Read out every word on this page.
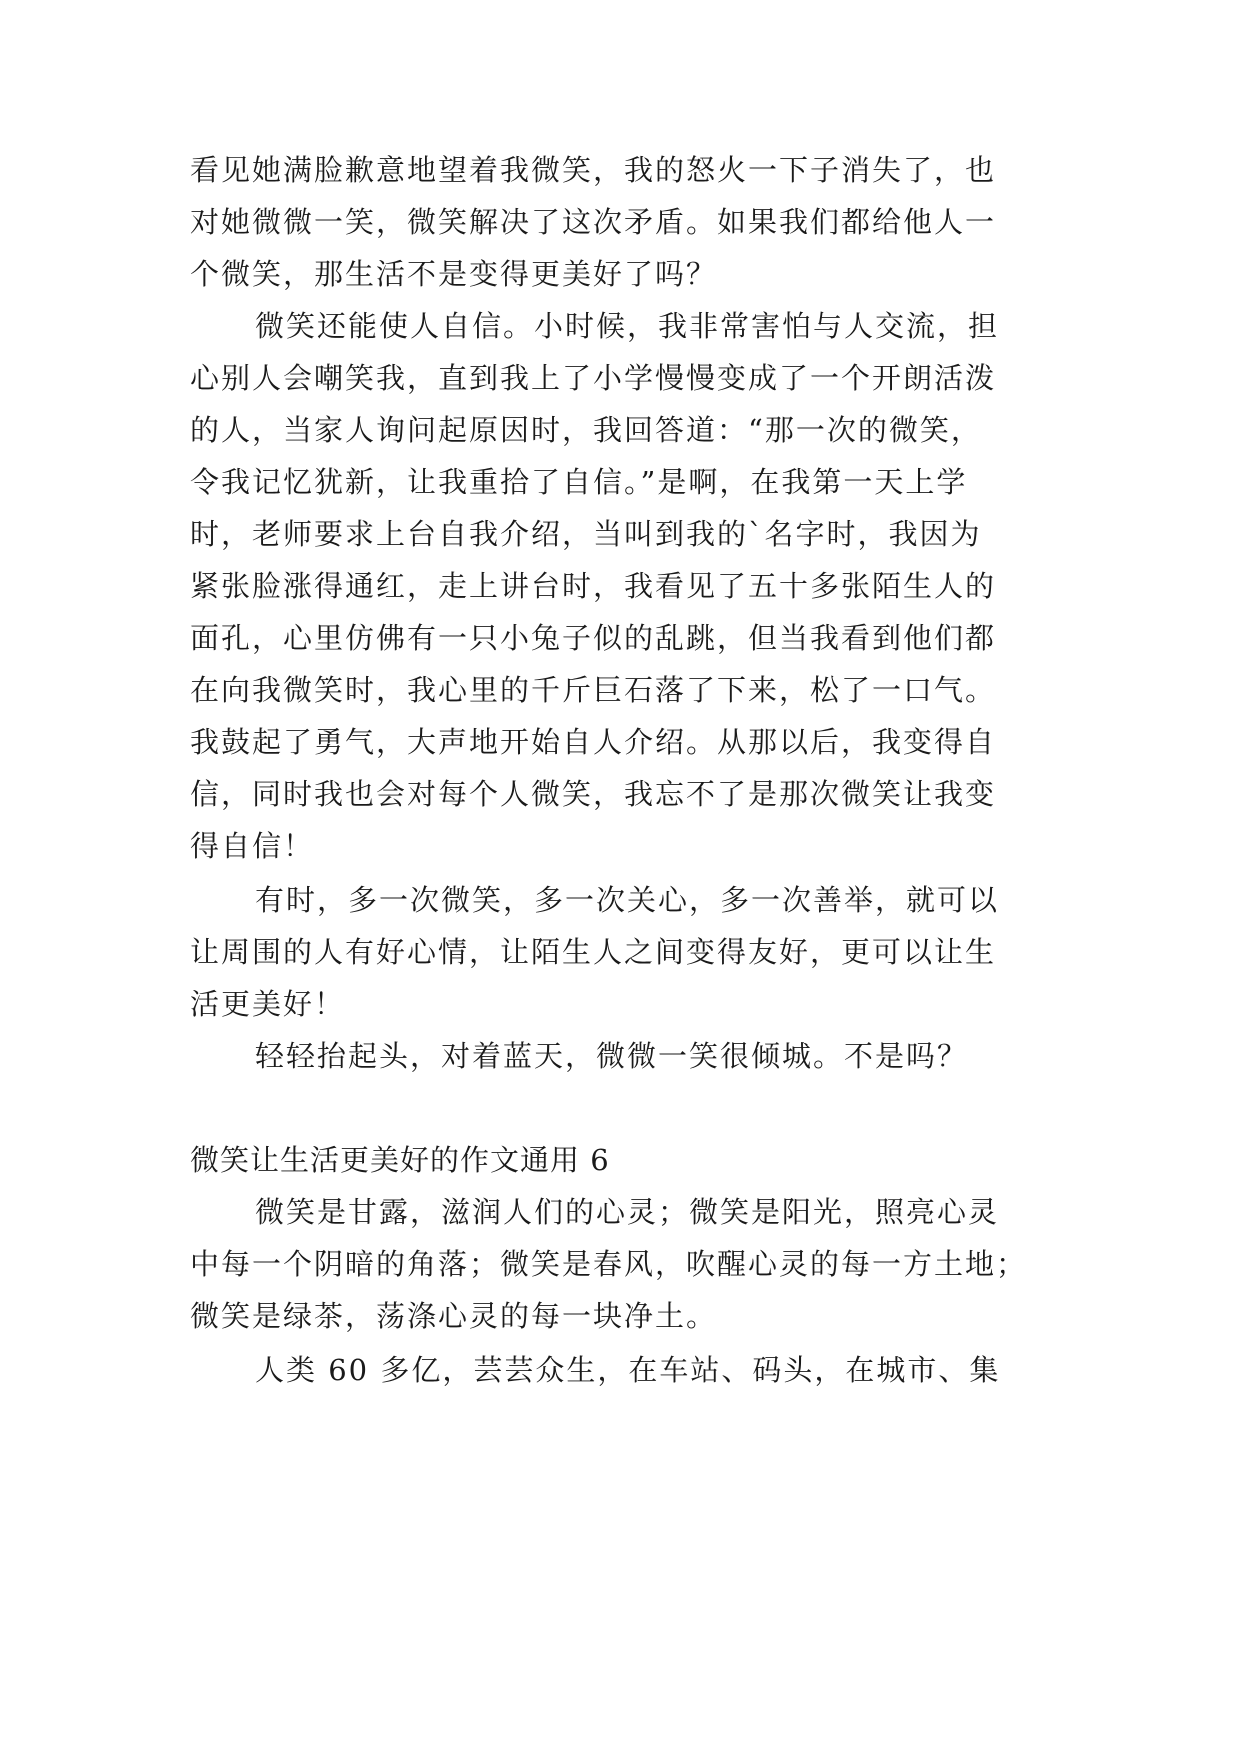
看见她满脸歉意地望着我微笑，我的怒火一下子消失了，也
对她微微一笑，微笑解决了这次矛盾。如果我们都给他人一
个微笑，那生活不是变得更美好了吗？
微笑还能使人自信。小时候，我非常害怕与人交流，担
心别人会嘲笑我，直到我上了小学慢慢变成了一个开朗活泼
的人，当家人询问起原因时，我回答道：“那一次的微笑，
令我记忆犹新，让我重拾了自信。”是啊，在我第一天上学
时，老师要求上台自我介绍，当叫到我的`名字时，我因为
紧张脸涨得通红，走上讲台时，我看见了五十多张陌生人的
面孔，心里仿佛有一只小兔子似的乱跳，但当我看到他们都
在向我微笑时，我心里的千斤巨石落了下来，松了一口气。
我鼓起了勇气，大声地开始自人介绍。从那以后，我变得自
信，同时我也会对每个人微笑，我忘不了是那次微笑让我变
得自信！
有时，多一次微笑，多一次关心，多一次善举，就可以
让周围的人有好心情，让陌生人之间变得友好，更可以让生
活更美好！
轻轻抬起头，对着蓝天，微微一笑很倾城。不是吗？
微笑让生活更美好的作文通用 6
微笑是甘露，滋润人们的心灵；微笑是阳光，照亮心灵
中每一个阴暗的角落；微笑是春风，吹醒心灵的每一方土地；
微笑是绿茶，荡涤心灵的每一块净土。
人类 60 多亿，芸芸众生，在车站、码头，在城市、集
